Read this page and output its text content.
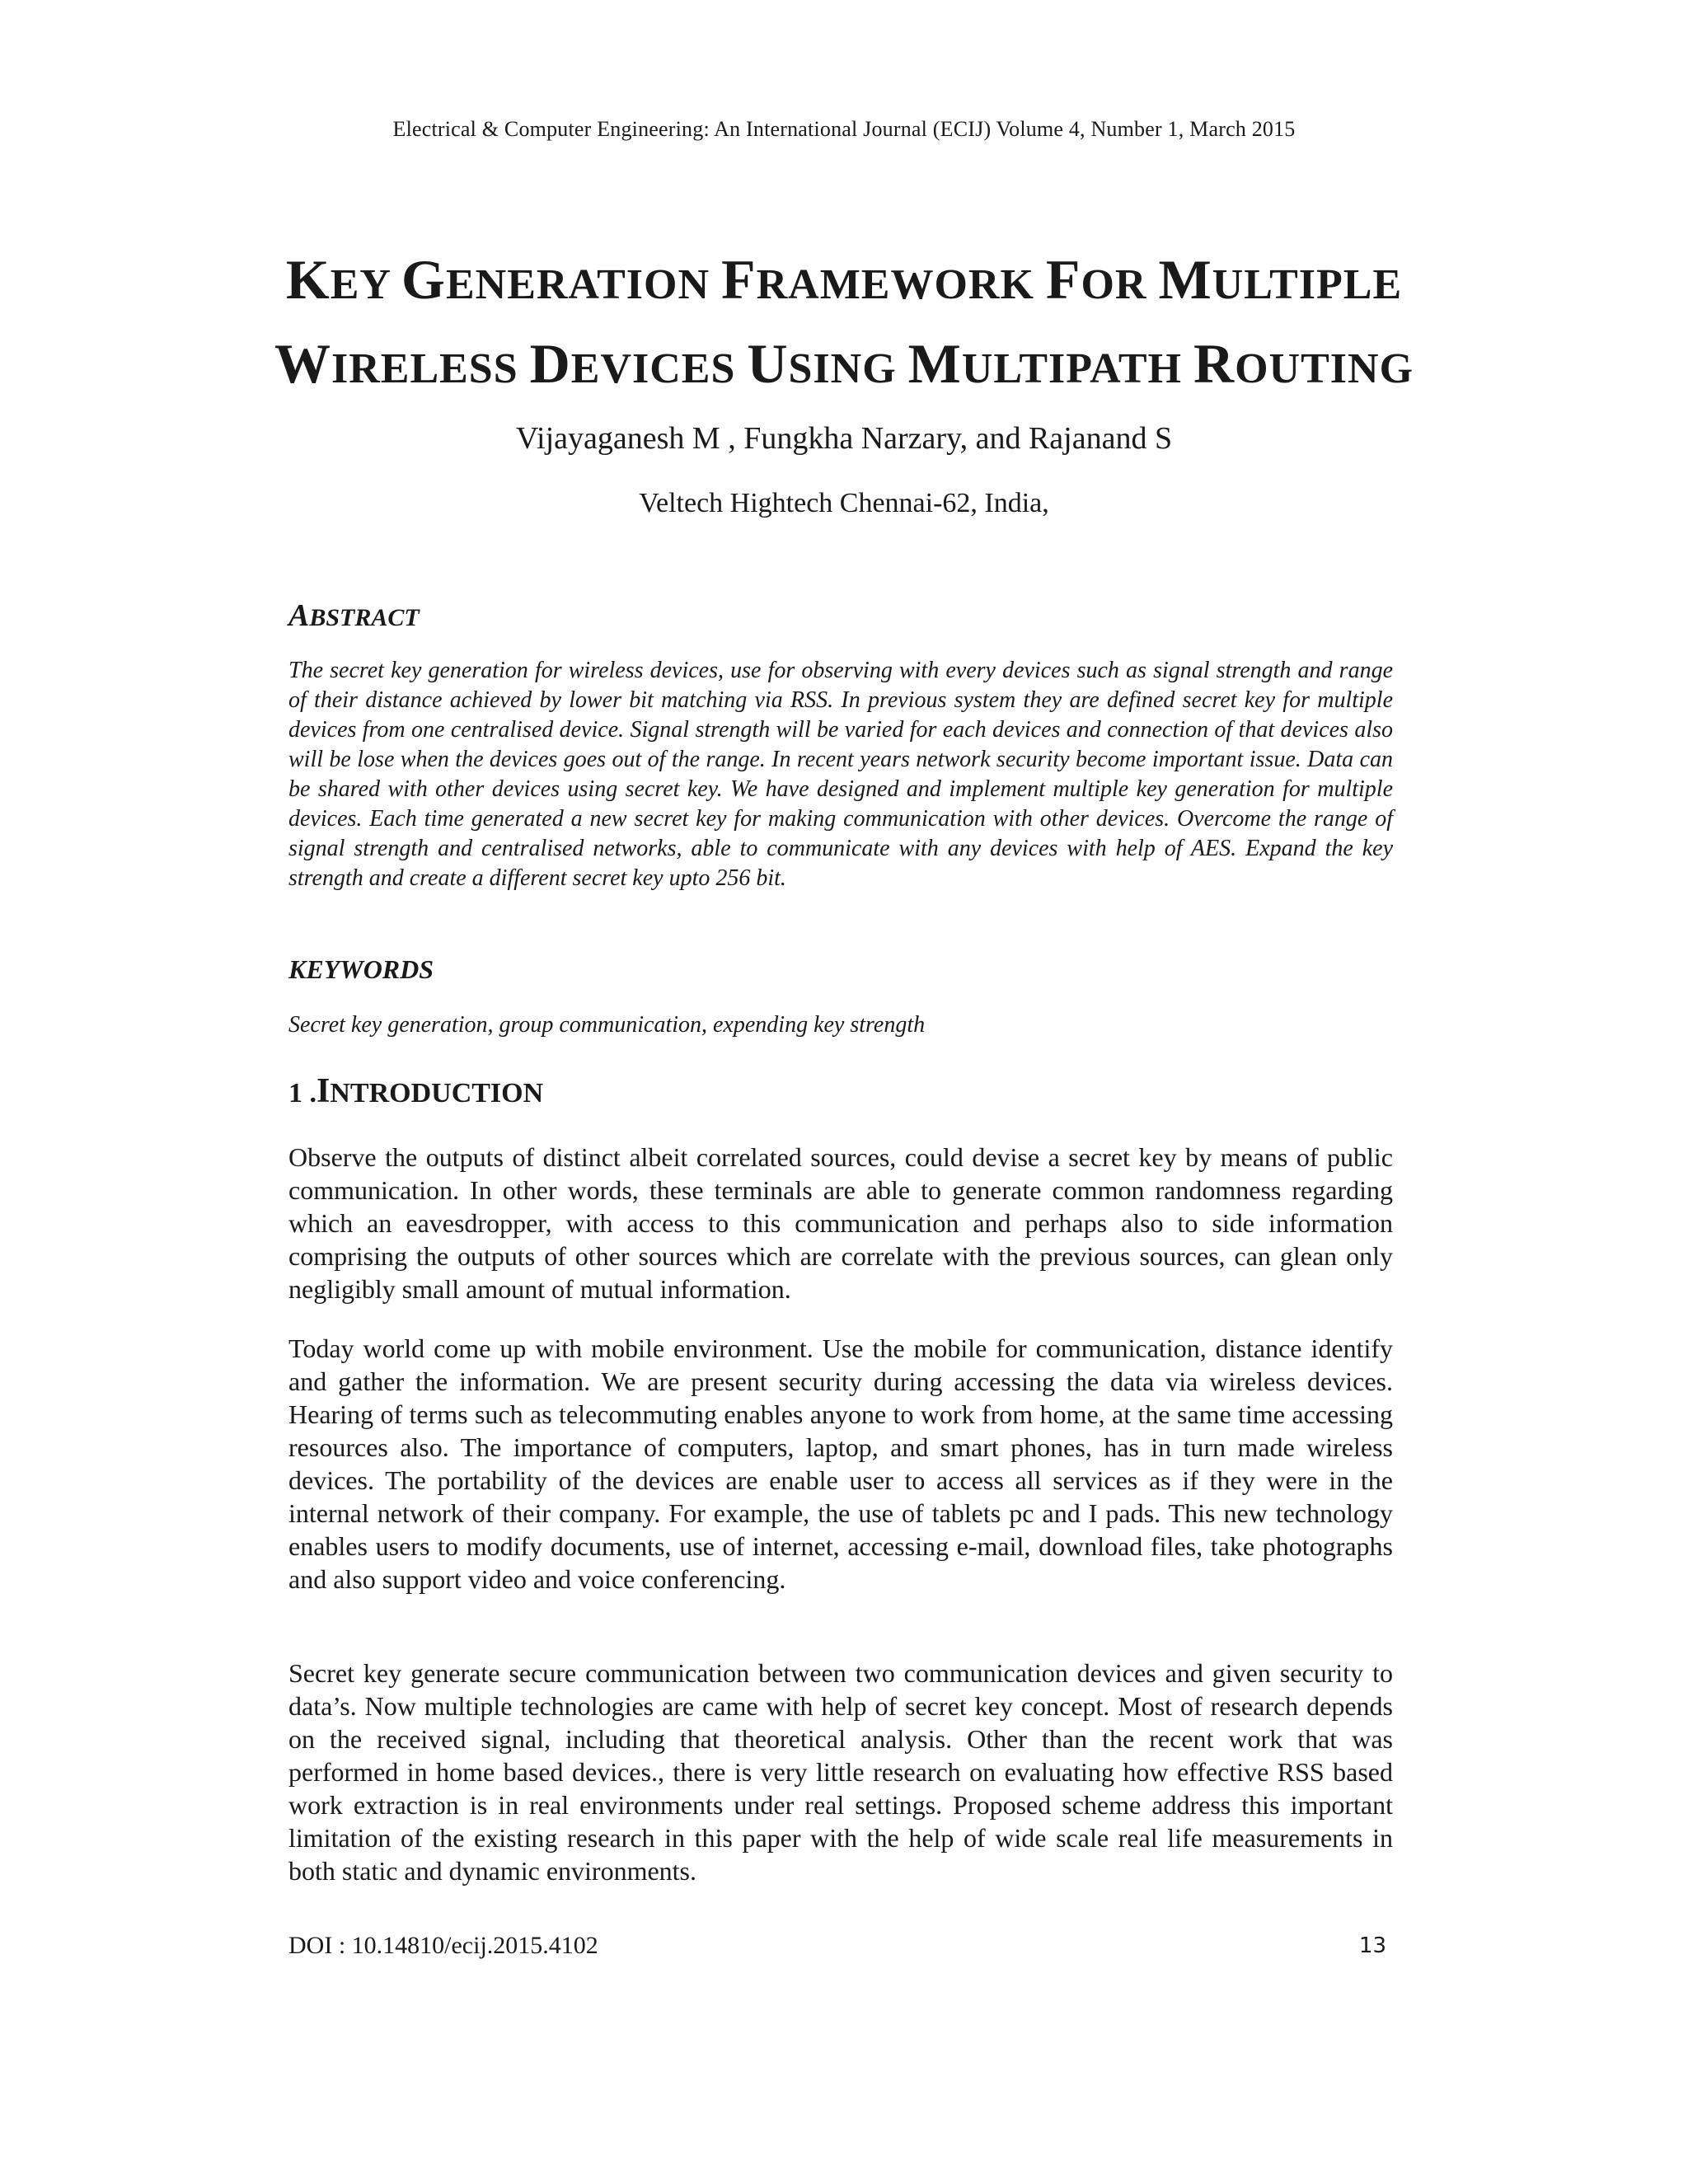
Electrical & Computer Engineering: An International Journal (ECIJ) Volume 4, Number 1, March 2015
KEY GENERATION FRAMEWORK FOR MULTIPLE
WIRELESS DEVICES USING MULTIPATH ROUTING
Vijayaganesh M , Fungkha Narzary, and Rajanand S
Veltech Hightech Chennai-62, India,
ABSTRACT

The secret key generation for wireless devices, use for observing with every devices such as signal strength and range of their distance achieved by lower bit matching via RSS. In previous system they are defined secret key for multiple devices from one centralised device. Signal strength will be varied for each devices and connection of that devices also will be lose when the devices goes out of the range. In recent years network security become important issue. Data can be shared with other devices using secret key. We have designed and implement multiple key generation for multiple devices. Each time generated a new secret key for making communication with other devices. Overcome the range of signal strength and centralised networks, able to communicate with any devices with help of AES. Expand the key strength and create a different secret key upto 256 bit.

KEYWORDS
Secret key generation, group communication, expending key strength
1 .INTRODUCTION

Observe the outputs of distinct albeit correlated sources, could devise a secret key by means of public communication. In other words, these terminals are able to generate common randomness regarding which an eavesdropper, with access to this communication and perhaps also to side information comprising the outputs of other sources which are correlate with the previous sources, can glean only negligibly small amount of mutual information.

Today world come up with mobile environment. Use the mobile for communication, distance identify and gather the information. We are present security during accessing the data via wireless devices. Hearing of terms such as telecommuting enables anyone to work from home, at the same time accessing resources also. The importance of computers, laptop, and smart phones, has in turn made wireless devices. The portability of the devices are enable user to access all services as if they were in the internal network of their company. For example, the use of tablets pc and I pads. This new technology enables users to modify documents, use of internet, accessing e-mail, download files, take photographs and also support video and voice conferencing.

Secret key generate secure communication between two communication devices and given security to data’s. Now multiple technologies are came with help of secret key concept. Most of research depends on the received signal, including that theoretical analysis. Other than the recent work that was performed in home based devices., there is very little research on evaluating how effective RSS based work extraction is in real environments under real settings. Proposed scheme address this important limitation of the existing research in this paper with the help of wide scale real life measurements in both static and dynamic environments.

DOI : 10.14810/ecij.2015.4102	13
